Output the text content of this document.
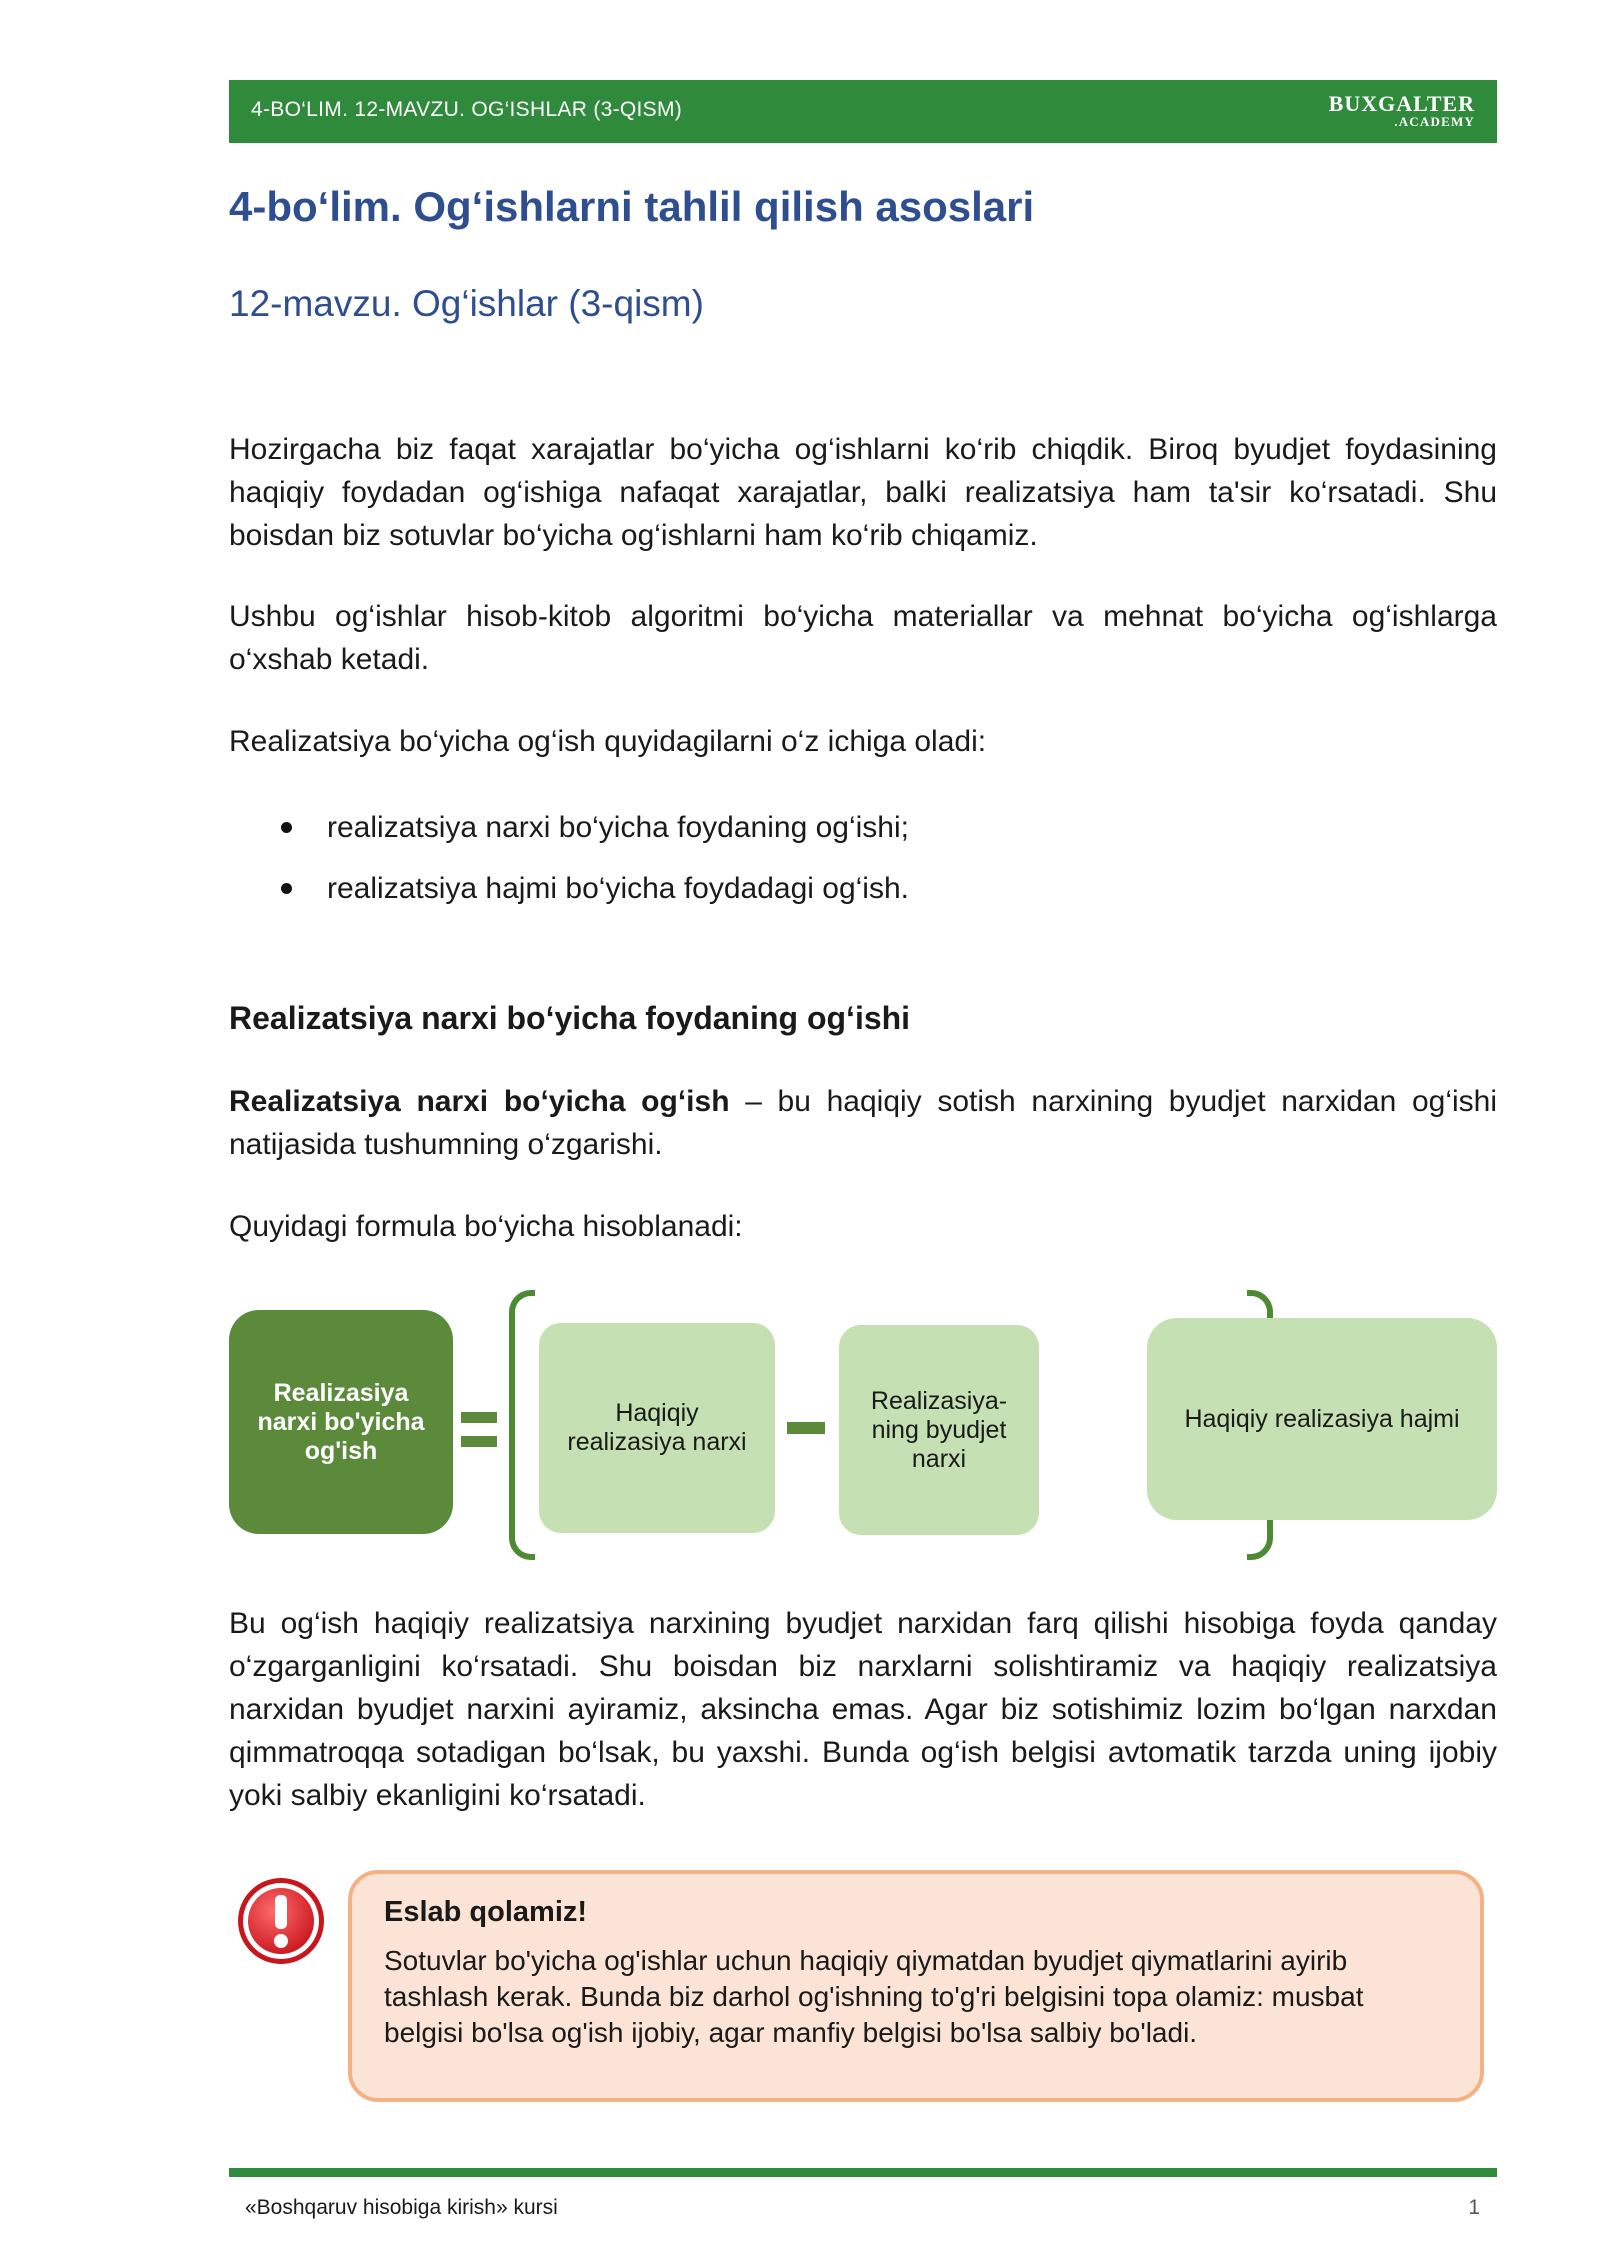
4-BO‘LIM. 12-MAVZU. OG‘ISHLAR (3-QISM)	BUXGALTER
.ACADEMY
4-bo‘lim. Og‘ishlarni tahlil qilish asoslari
12-mavzu. Og‘ishlar (3-qism)

Hozirgacha biz faqat xarajatlar bo‘yicha og‘ishlarni ko‘rib chiqdik. Biroq byudjet foydasining haqiqiy foydadan og‘ishiga nafaqat xarajatlar, balki realizatsiya ham ta'sir ko‘rsatadi. Shu boisdan biz sotuvlar bo‘yicha og‘ishlarni ham ko‘rib chiqamiz.

Ushbu og‘ishlar hisob-kitob algoritmi bo‘yicha materiallar va mehnat bo‘yicha og‘ishlarga o‘xshab ketadi.

Realizatsiya bo‘yicha og‘ish quyidagilarni o‘z ichiga oladi:

realizatsiya narxi bo‘yicha foydaning og‘ishi;
realizatsiya hajmi bo‘yicha foydadagi og‘ish.
Realizatsiya narxi bo‘yicha foydaning og‘ishi

Realizatsiya narxi bo‘yicha og‘ish – bu haqiqiy sotish narxining byudjet narxidan og‘ishi natijasida tushumning o‘zgarishi.

Quyidagi formula bo‘yicha hisoblanadi:

Realizasiya narxi bo'yicha og'ish
Haqiqiy realizasiya narxi
Realizasiya-ning byudjet narxi
Haqiqiy realizasiya hajmi

Bu og‘ish haqiqiy realizatsiya narxining byudjet narxidan farq qilishi hisobiga foyda qanday o‘zgarganligini ko‘rsatadi. Shu boisdan biz narxlarni solishtiramiz va haqiqiy realizatsiya narxidan byudjet narxini ayiramiz, aksincha emas. Agar biz sotishimiz lozim bo‘lgan narxdan qimmatroqqa sotadigan bo‘lsak, bu yaxshi. Bunda og‘ish belgisi avtomatik tarzda uning ijobiy yoki salbiy ekanligini ko‘rsatadi.

Eslab qolamiz!
Sotuvlar bo'yicha og'ishlar uchun haqiqiy qiymatdan byudjet qiymatlarini ayirib tashlash kerak. Bunda biz darhol og'ishning to'g'ri belgisini topa olamiz: musbat belgisi bo'lsa og'ish ijobiy, agar manfiy belgisi bo'lsa salbiy bo'ladi.
«Boshqaruv hisobiga kirish» kursi	1
